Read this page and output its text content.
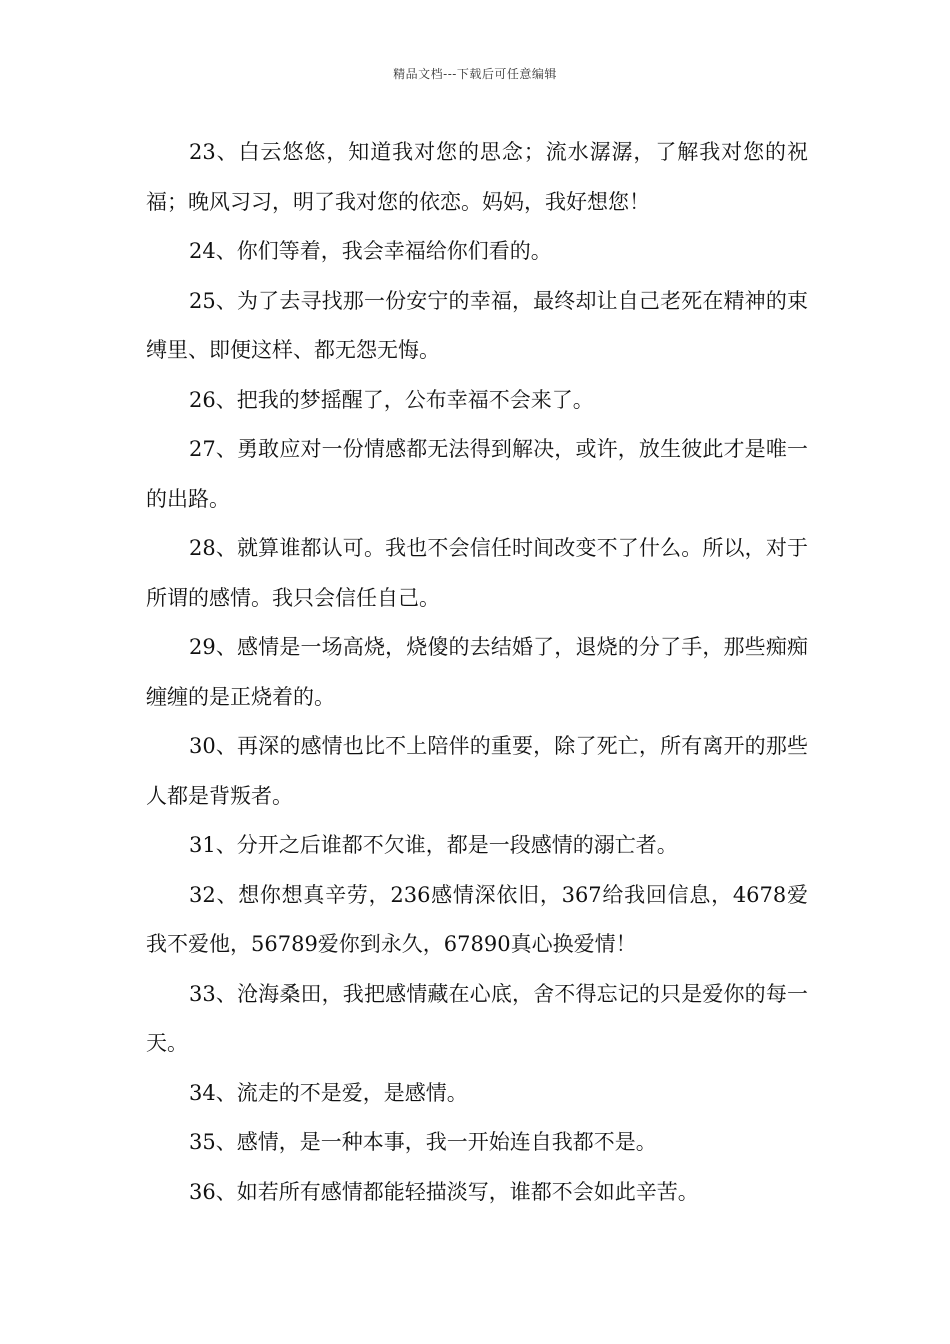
精品文档---下载后可任意编辑

23、白云悠悠，知道我对您的思念；流水潺潺，了解我对您的祝福；晚风习习，明了我对您的依恋。妈妈，我好想您！

24、你们等着，我会幸福给你们看的。

25、为了去寻找那一份安宁的幸福，最终却让自己老死在精神的束缚里、即便这样、都无怨无悔。

26、把我的梦摇醒了，公布幸福不会来了。

27、勇敢应对一份情感都无法得到解决，或许，放生彼此才是唯一的出路。

28、就算谁都认可。我也不会信任时间改变不了什么。所以，对于所谓的感情。我只会信任自己。

29、感情是一场高烧，烧傻的去结婚了，退烧的分了手，那些痴痴缠缠的是正烧着的。

30、再深的感情也比不上陪伴的重要，除了死亡，所有离开的那些人都是背叛者。

31、分开之后谁都不欠谁，都是一段感情的溺亡者。

32、想你想真辛劳，236感情深依旧，367给我回信息，4678爱我不爱他，56789爱你到永久，67890真心换爱情！

33、沧海桑田，我把感情藏在心底，舍不得忘记的只是爱你的每一天。

34、流走的不是爱，是感情。

35、感情，是一种本事，我一开始连自我都不是。

36、如若所有感情都能轻描淡写，谁都不会如此辛苦。
